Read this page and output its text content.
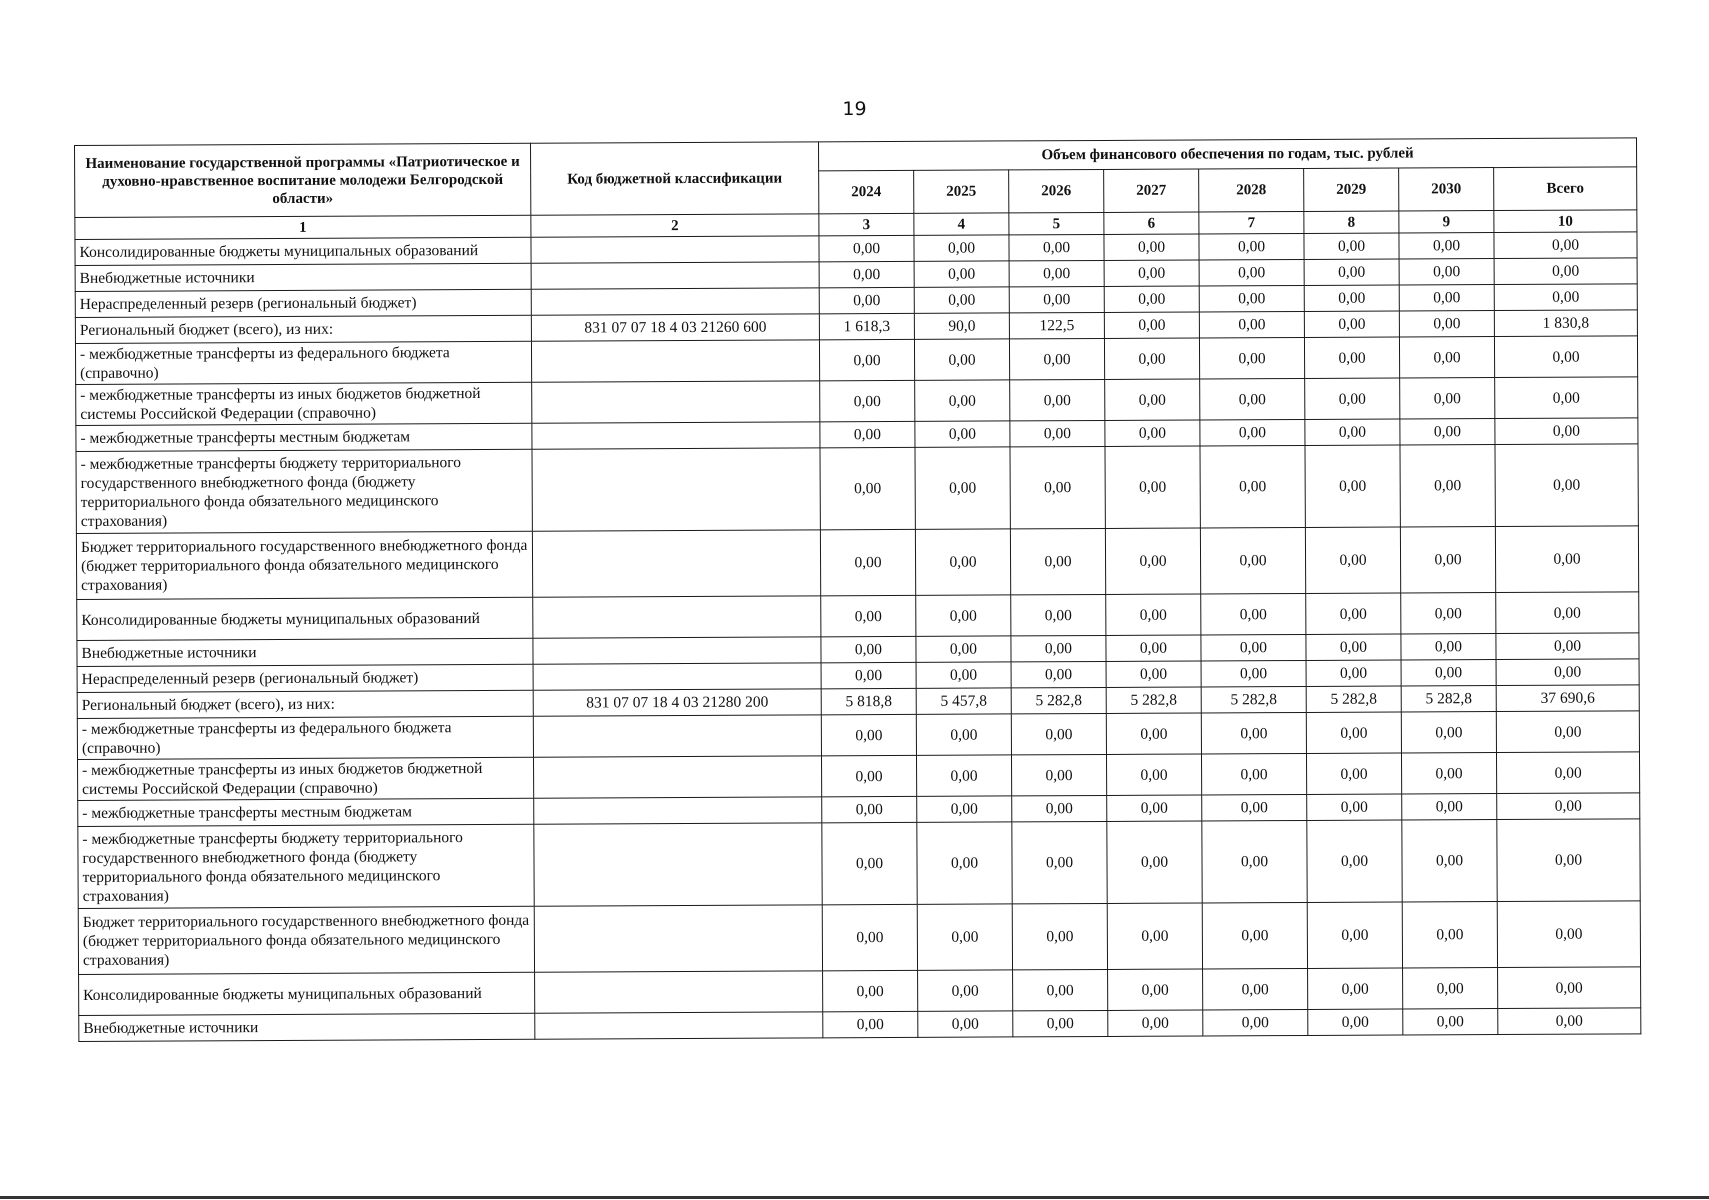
19
Наименование государственной программы «Патриотическое и духовно-нравственное воспитание молодежи Белгородской области»	Код бюджетной классификации	Объем финансового обеспечения по годам, тыс. рублей							
		2024	2025	2026	2027	2028	2029	2030	Всего
1	2	3	4	5	6	7	8	9	10
Консолидированные бюджеты муниципальных образований		0,00	0,00	0,00	0,00	0,00	0,00	0,00	0,00
Внебюджетные источники		0,00	0,00	0,00	0,00	0,00	0,00	0,00	0,00
Нераспределенный резерв (региональный бюджет)		0,00	0,00	0,00	0,00	0,00	0,00	0,00	0,00
Региональный бюджет (всего), из них:	831 07 07 18 4 03 21260 600	1 618,3	90,0	122,5	0,00	0,00	0,00	0,00	1 830,8
- межбюджетные трансферты из федерального бюджета (справочно)		0,00	0,00	0,00	0,00	0,00	0,00	0,00	0,00
- межбюджетные трансферты из иных бюджетов бюджетной системы Российской Федерации (справочно)		0,00	0,00	0,00	0,00	0,00	0,00	0,00	0,00
- межбюджетные трансферты местным бюджетам		0,00	0,00	0,00	0,00	0,00	0,00	0,00	0,00
- межбюджетные трансферты бюджету территориального государственного внебюджетного фонда (бюджету территориального фонда обязательного медицинского страхования)		0,00	0,00	0,00	0,00	0,00	0,00	0,00	0,00
Бюджет территориального государственного внебюджетного фонда (бюджет территориального фонда обязательного медицинского страхования)		0,00	0,00	0,00	0,00	0,00	0,00	0,00	0,00
Консолидированные бюджеты муниципальных образований		0,00	0,00	0,00	0,00	0,00	0,00	0,00	0,00
Внебюджетные источники		0,00	0,00	0,00	0,00	0,00	0,00	0,00	0,00
Нераспределенный резерв (региональный бюджет)		0,00	0,00	0,00	0,00	0,00	0,00	0,00	0,00
Региональный бюджет (всего), из них:	831 07 07 18 4 03 21280 200	5 818,8	5 457,8	5 282,8	5 282,8	5 282,8	5 282,8	5 282,8	37 690,6
- межбюджетные трансферты из федерального бюджета (справочно)		0,00	0,00	0,00	0,00	0,00	0,00	0,00	0,00
- межбюджетные трансферты из иных бюджетов бюджетной системы Российской Федерации (справочно)		0,00	0,00	0,00	0,00	0,00	0,00	0,00	0,00
- межбюджетные трансферты местным бюджетам		0,00	0,00	0,00	0,00	0,00	0,00	0,00	0,00
- межбюджетные трансферты бюджету территориального государственного внебюджетного фонда (бюджету территориального фонда обязательного медицинского страхования)		0,00	0,00	0,00	0,00	0,00	0,00	0,00	0,00
Бюджет территориального государственного внебюджетного фонда (бюджет территориального фонда обязательного медицинского страхования)		0,00	0,00	0,00	0,00	0,00	0,00	0,00	0,00
Консолидированные бюджеты муниципальных образований		0,00	0,00	0,00	0,00	0,00	0,00	0,00	0,00
Внебюджетные источники		0,00	0,00	0,00	0,00	0,00	0,00	0,00	0,00
